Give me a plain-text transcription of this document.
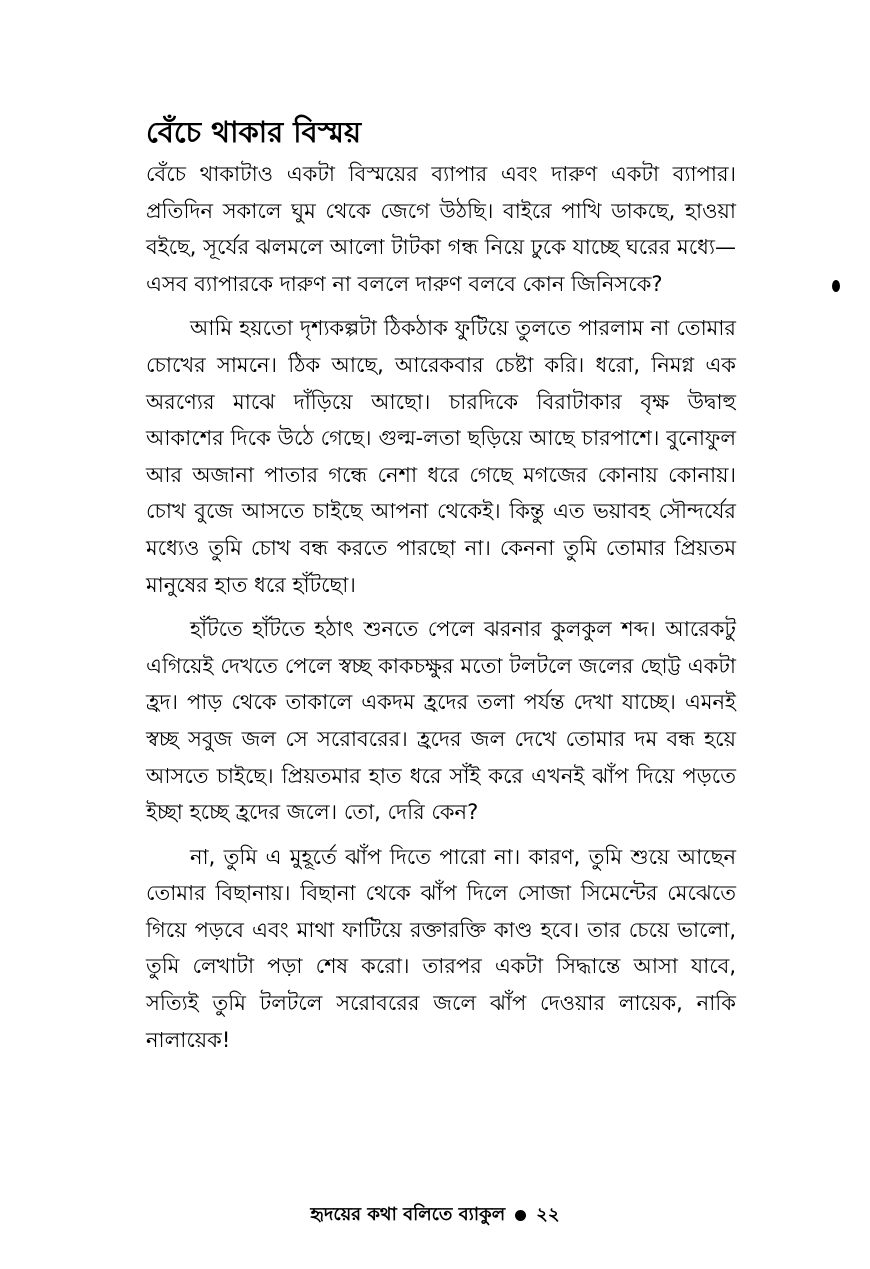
বেঁচে থাকার বিস্ময়

বেঁচে থাকাটাও একটা বিস্ময়ের ব্যাপার এবং দারুণ একটা ব্যাপার। প্রতিদিন সকালে ঘুম থেকে জেগে উঠছি। বাইরে পাখি ডাকছে, হাওয়া বইছে, সূর্যের ঝলমলে আলো টাটকা গন্ধ নিয়ে ঢুকে যাচ্ছে ঘরের মধ্যে—এসব ব্যাপারকে দারুণ না বললে দারুণ বলবে কোন জিনিসকে?

আমি হয়তো দৃশ্যকল্পটা ঠিকঠাক ফুটিয়ে তুলতে পারলাম না তোমার চোখের সামনে। ঠিক আছে, আরেকবার চেষ্টা করি। ধরো, নিমগ্ন এক অরণ্যের মাঝে দাঁড়িয়ে আছো। চারদিকে বিরাটাকার বৃক্ষ উদ্বাহু আকাশের দিকে উঠে গেছে। গুল্ম-লতা ছড়িয়ে আছে চারপাশে। বুনোফুল আর অজানা পাতার গন্ধে নেশা ধরে গেছে মগজের কোনায় কোনায়। চোখ বুজে আসতে চাইছে আপনা থেকেই। কিন্তু এত ভয়াবহ সৌন্দর্যের মধ্যেও তুমি চোখ বন্ধ করতে পারছো না। কেননা তুমি তোমার প্রিয়তম মানুষের হাত ধরে হাঁটছো।

হাঁটতে হাঁটতে হঠাৎ শুনতে পেলে ঝরনার কুলকুল শব্দ। আরেকটু এগিয়েই দেখতে পেলে স্বচ্ছ কাকচক্ষুর মতো টলটলে জলের ছোট্ট একটা হ্রদ। পাড় থেকে তাকালে একদম হ্রদের তলা পর্যন্ত দেখা যাচ্ছে। এমনই স্বচ্ছ সবুজ জল সে সরোবরের। হ্রদের জল দেখে তোমার দম বন্ধ হয়ে আসতে চাইছে। প্রিয়তমার হাত ধরে সাঁই করে এখনই ঝাঁপ দিয়ে পড়তে ইচ্ছা হচ্ছে হ্রদের জলে। তো, দেরি কেন?

না, তুমি এ মুহূর্তে ঝাঁপ দিতে পারো না। কারণ, তুমি শুয়ে আছেন তোমার বিছানায়। বিছানা থেকে ঝাঁপ দিলে সোজা সিমেন্টের মেঝেতে গিয়ে পড়বে এবং মাথা ফাটিয়ে রক্তারক্তি কাণ্ড হবে। তার চেয়ে ভালো, তুমি লেখাটা পড়া শেষ করো। তারপর একটা সিদ্ধান্তে আসা যাবে, সত্যিই তুমি টলটলে সরোবরের জলে ঝাঁপ দেওয়ার লায়েক, নাকি নালায়েক!

হৃদয়ের কথা বলিতে ব্যাকুল ২২
